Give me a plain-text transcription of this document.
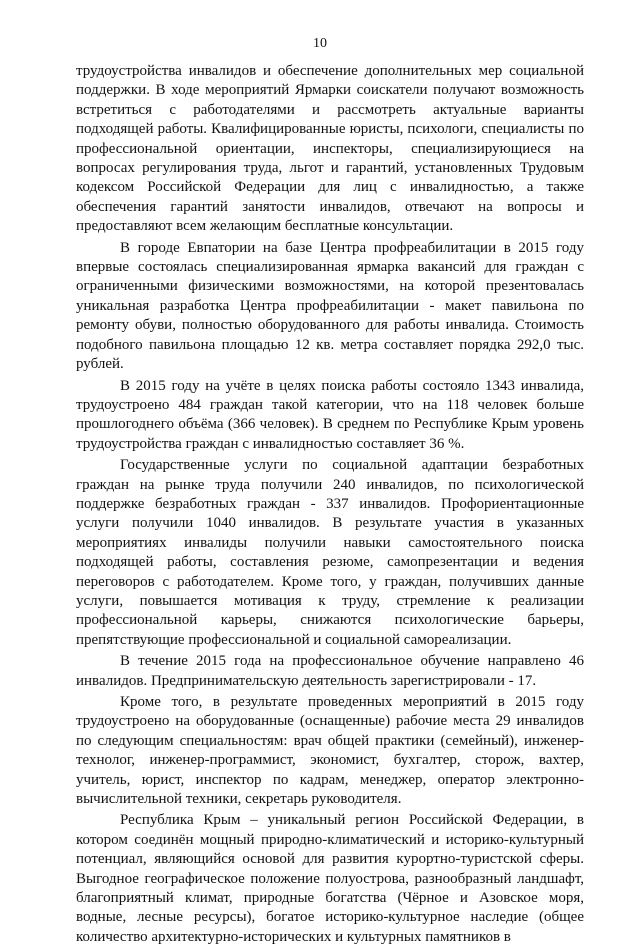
10

трудоустройства инвалидов и обеспечение дополнительных мер социальной поддержки. В ходе мероприятий Ярмарки соискатели получают возможность встретиться с работодателями и рассмотреть актуальные варианты подходящей работы. Квалифицированные юристы, психологи, специалисты по профессиональной ориентации, инспекторы, специализирующиеся на вопросах регулирования труда, льгот и гарантий, установленных Трудовым кодексом Российской Федерации для лиц с инвалидностью, а также обеспечения гарантий занятости инвалидов, отвечают на вопросы и предоставляют всем желающим бесплатные консультации.

В городе Евпатории на базе Центра профреабилитации в 2015 году впервые состоялась специализированная ярмарка вакансий для граждан с ограниченными физическими возможностями, на которой презентовалась уникальная разработка Центра профреабилитации - макет павильона по ремонту обуви, полностью оборудованного для работы инвалида. Стоимость подобного павильона площадью 12 кв. метра составляет порядка 292,0 тыс. рублей.

В 2015 году на учёте в целях поиска работы состояло 1343 инвалида, трудоустроено 484 граждан такой категории, что на 118 человек больше прошлогоднего объёма (366 человек). В среднем по Республике Крым уровень трудоустройства граждан с инвалидностью составляет 36 %.

Государственные услуги по социальной адаптации безработных граждан на рынке труда получили 240 инвалидов, по психологической поддержке безработных граждан - 337 инвалидов. Профориентационные услуги получили 1040 инвалидов. В результате участия в указанных мероприятиях инвалиды получили навыки самостоятельного поиска подходящей работы, составления резюме, самопрезентации и ведения переговоров с работодателем. Кроме того, у граждан, получивших данные услуги, повышается мотивация к труду, стремление к реализации профессиональной карьеры, снижаются психологические барьеры, препятствующие профессиональной и социальной самореализации.

В течение 2015 года на профессиональное обучение направлено 46 инвалидов. Предпринимательскую деятельность зарегистрировали - 17.

Кроме того, в результате проведенных мероприятий в 2015 году трудоустроено на оборудованные (оснащенные) рабочие места 29 инвалидов по следующим специальностям: врач общей практики (семейный), инженер-технолог, инженер-программист, экономист, бухгалтер, сторож, вахтер, учитель, юрист, инспектор по кадрам, менеджер, оператор электронно-вычислительной техники, секретарь руководителя.

Республика Крым – уникальный регион Российской Федерации, в котором соединён мощный природно-климатический и историко-культурный потенциал, являющийся основой для развития курортно-туристской сферы. Выгодное географическое положение полуострова, разнообразный ландшафт, благоприятный климат, природные богатства (Чёрное и Азовское моря, водные, лесные ресурсы), богатое историко-культурное наследие (общее количество архитектурно-исторических и культурных памятников в
